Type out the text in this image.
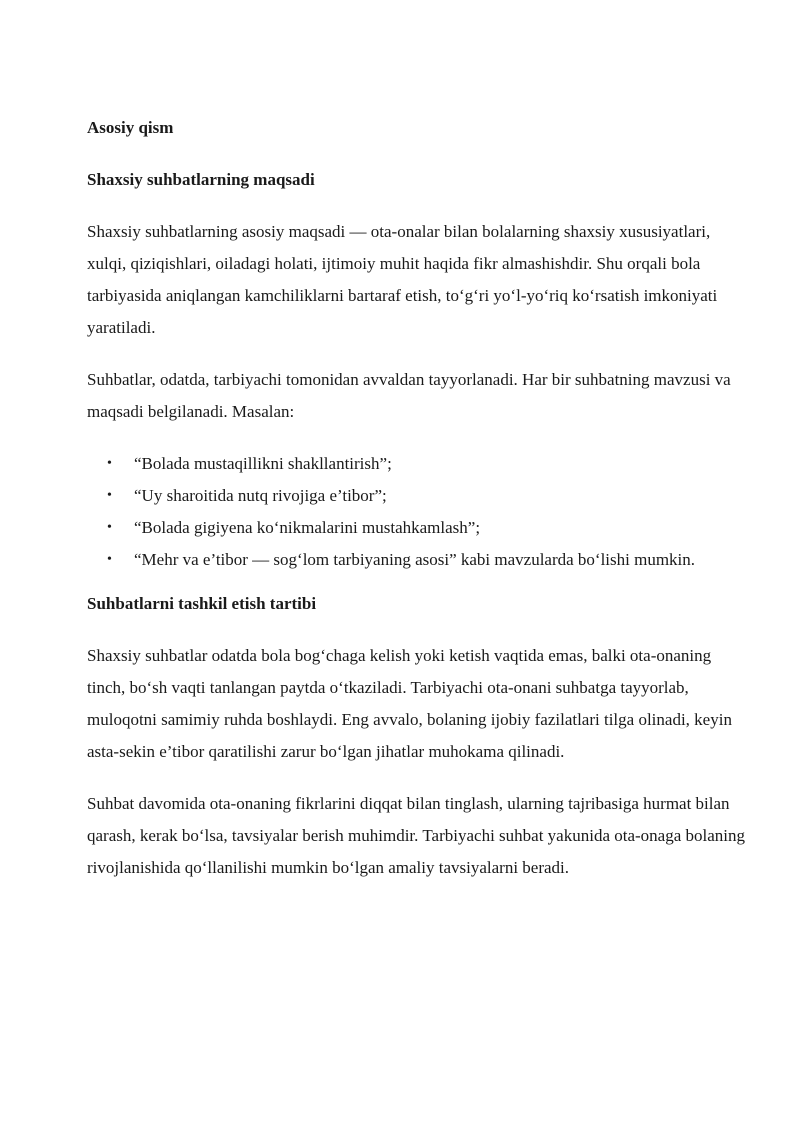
Asosiy qism
Shaxsiy suhbatlarning maqsadi

Shaxsiy suhbatlarning asosiy maqsadi — ota-onalar bilan bolalarning shaxsiy xususiyatlari, xulqi, qiziqishlari, oiladagi holati, ijtimoiy muhit haqida fikr almashishdir. Shu orqali bola tarbiyasida aniqlangan kamchiliklarni bartaraf etish, to‘g‘ri yo‘l-yo‘riq ko‘rsatish imkoniyati yaratiladi.

Suhbatlar, odatda, tarbiyachi tomonidan avvaldan tayyorlanadi. Har bir suhbatning mavzusi va maqsadi belgilanadi. Masalan:

• “Bolada mustaqillikni shakllantirish”;
• “Uy sharoitida nutq rivojiga e’tibor”;
• “Bolada gigiyena ko‘nikmalarini mustahkamlash”;
• “Mehr va e’tibor — sog‘lom tarbiyaning asosi” kabi mavzularda bo‘lishi mumkin.
Suhbatlarni tashkil etish tartibi

Shaxsiy suhbatlar odatda bola bog‘chaga kelish yoki ketish vaqtida emas, balki ota-onaning tinch, bo‘sh vaqti tanlangan paytda o‘tkaziladi. Tarbiyachi ota-onani suhbatga tayyorlab, muloqotni samimiy ruhda boshlaydi. Eng avvalo, bolaning ijobiy fazilatlari tilga olinadi, keyin asta-sekin e’tibor qaratilishi zarur bo‘lgan jihatlar muhokama qilinadi.

Suhbat davomida ota-onaning fikrlarini diqqat bilan tinglash, ularning tajribasiga hurmat bilan qarash, kerak bo‘lsa, tavsiyalar berish muhimdir. Tarbiyachi suhbat yakunida ota-onaga bolaning rivojlanishida qo‘llanilishi mumkin bo‘lgan amaliy tavsiyalarni beradi.
